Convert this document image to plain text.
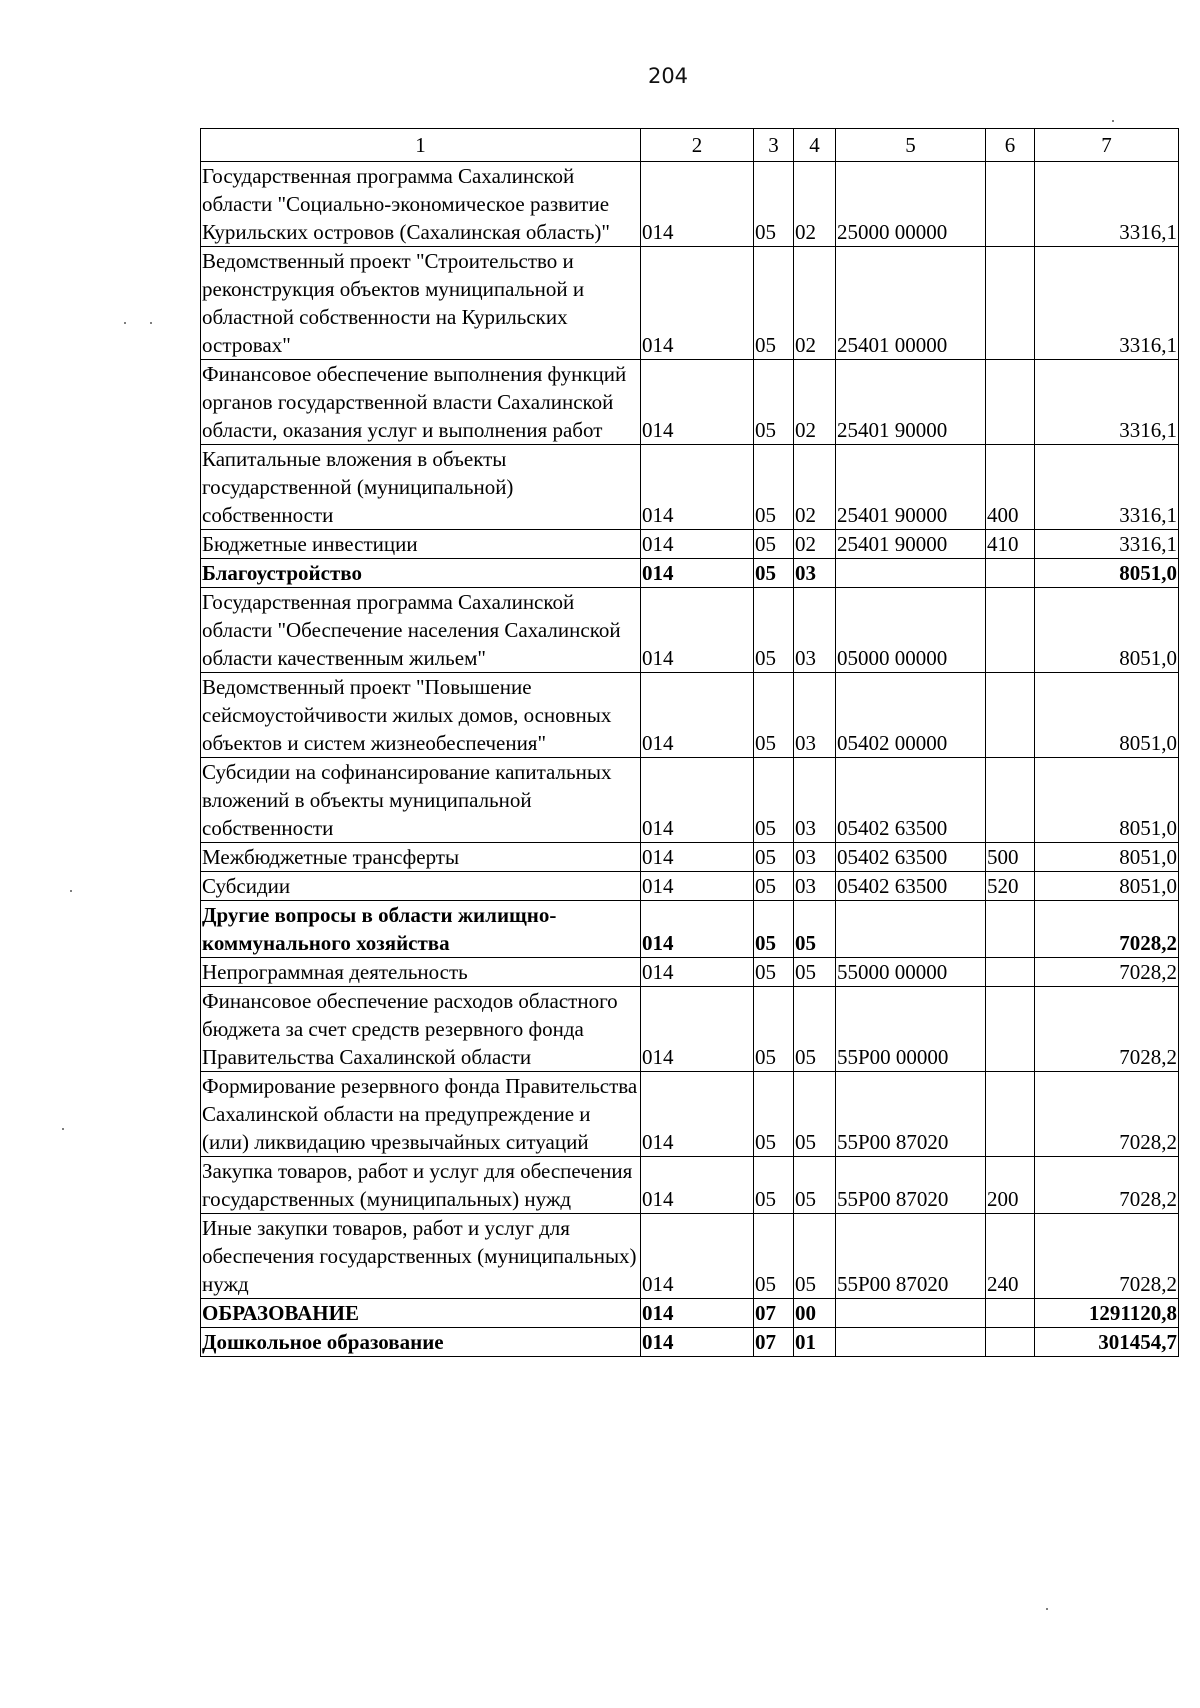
204
1	2	3	4	5	6	7
Государственная программа Сахалинской области "Социально-экономическое развитие Курильских островов (Сахалинская область)"	014	05	02	25000 00000		3316,1
Ведомственный проект "Строительство и реконструкция объектов муниципальной и областной собственности на Курильских островах"	014	05	02	25401 00000		3316,1
Финансовое обеспечение выполнения функций органов государственной власти Сахалинской области, оказания услуг и выполнения работ	014	05	02	25401 90000		3316,1
Капитальные вложения в объекты государственной (муниципальной) собственности	014	05	02	25401 90000	400	3316,1
Бюджетные инвестиции	014	05	02	25401 90000	410	3316,1
Благоустройство	014	05	03			8051,0
Государственная программа Сахалинской области "Обеспечение населения Сахалинской области качественным жильем"	014	05	03	05000 00000		8051,0
Ведомственный проект "Повышение сейсмоустойчивости жилых домов, основных объектов и систем жизнеобеспечения"	014	05	03	05402 00000		8051,0
Субсидии на софинансирование капитальных вложений в объекты муниципальной собственности	014	05	03	05402 63500		8051,0
Межбюджетные трансферты	014	05	03	05402 63500	500	8051,0
Субсидии	014	05	03	05402 63500	520	8051,0
Другие вопросы в области жилищно-коммунального хозяйства	014	05	05			7028,2
Непрограммная деятельность	014	05	05	55000 00000		7028,2
Финансовое обеспечение расходов областного бюджета за счет средств резервного фонда Правительства Сахалинской области	014	05	05	55Р00 00000		7028,2
Формирование резервного фонда Правительства Сахалинской области на предупреждение и (или) ликвидацию чрезвычайных ситуаций	014	05	05	55Р00 87020		7028,2
Закупка товаров, работ и услуг для обеспечения государственных (муниципальных) нужд	014	05	05	55Р00 87020	200	7028,2
Иные закупки товаров, работ и услуг для обеспечения государственных (муниципальных) нужд	014	05	05	55Р00 87020	240	7028,2
ОБРАЗОВАНИЕ	014	07	00			1291120,8
Дошкольное образование	014	07	01			301454,7
